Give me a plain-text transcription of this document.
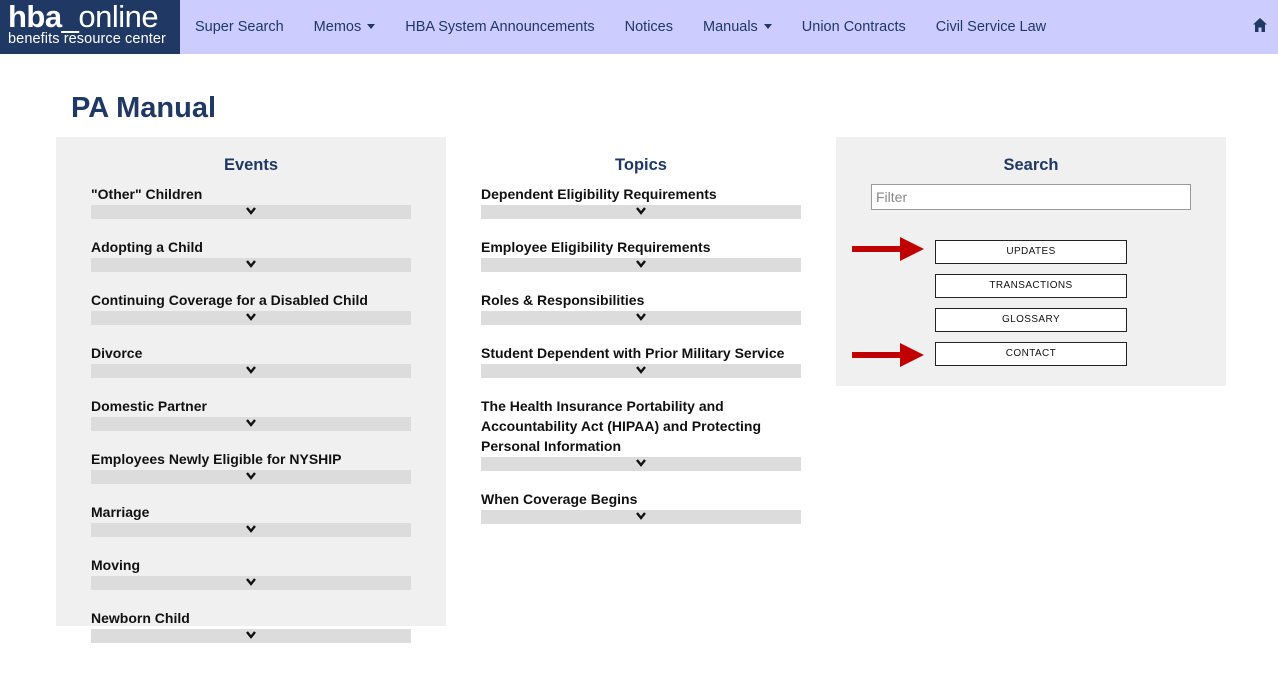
hba_online
benefits resource center
Super Search	Memos	HBA System Announcements	Notices	Manuals	Union Contracts	Civil Service Law
PA Manual
Events
"Other" Children
Adopting a Child
Continuing Coverage for a Disabled Child
Divorce
Domestic Partner
Employees Newly Eligible for NYSHIP
Marriage
Moving
Newborn Child
Topics
Dependent Eligibility Requirements
Employee Eligibility Requirements
Roles & Responsibilities
Student Dependent with Prior Military Service
The Health Insurance Portability and Accountability Act (HIPAA) and Protecting Personal Information
When Coverage Begins
Search
Filter
UPDATES
TRANSACTIONS
GLOSSARY
CONTACT
